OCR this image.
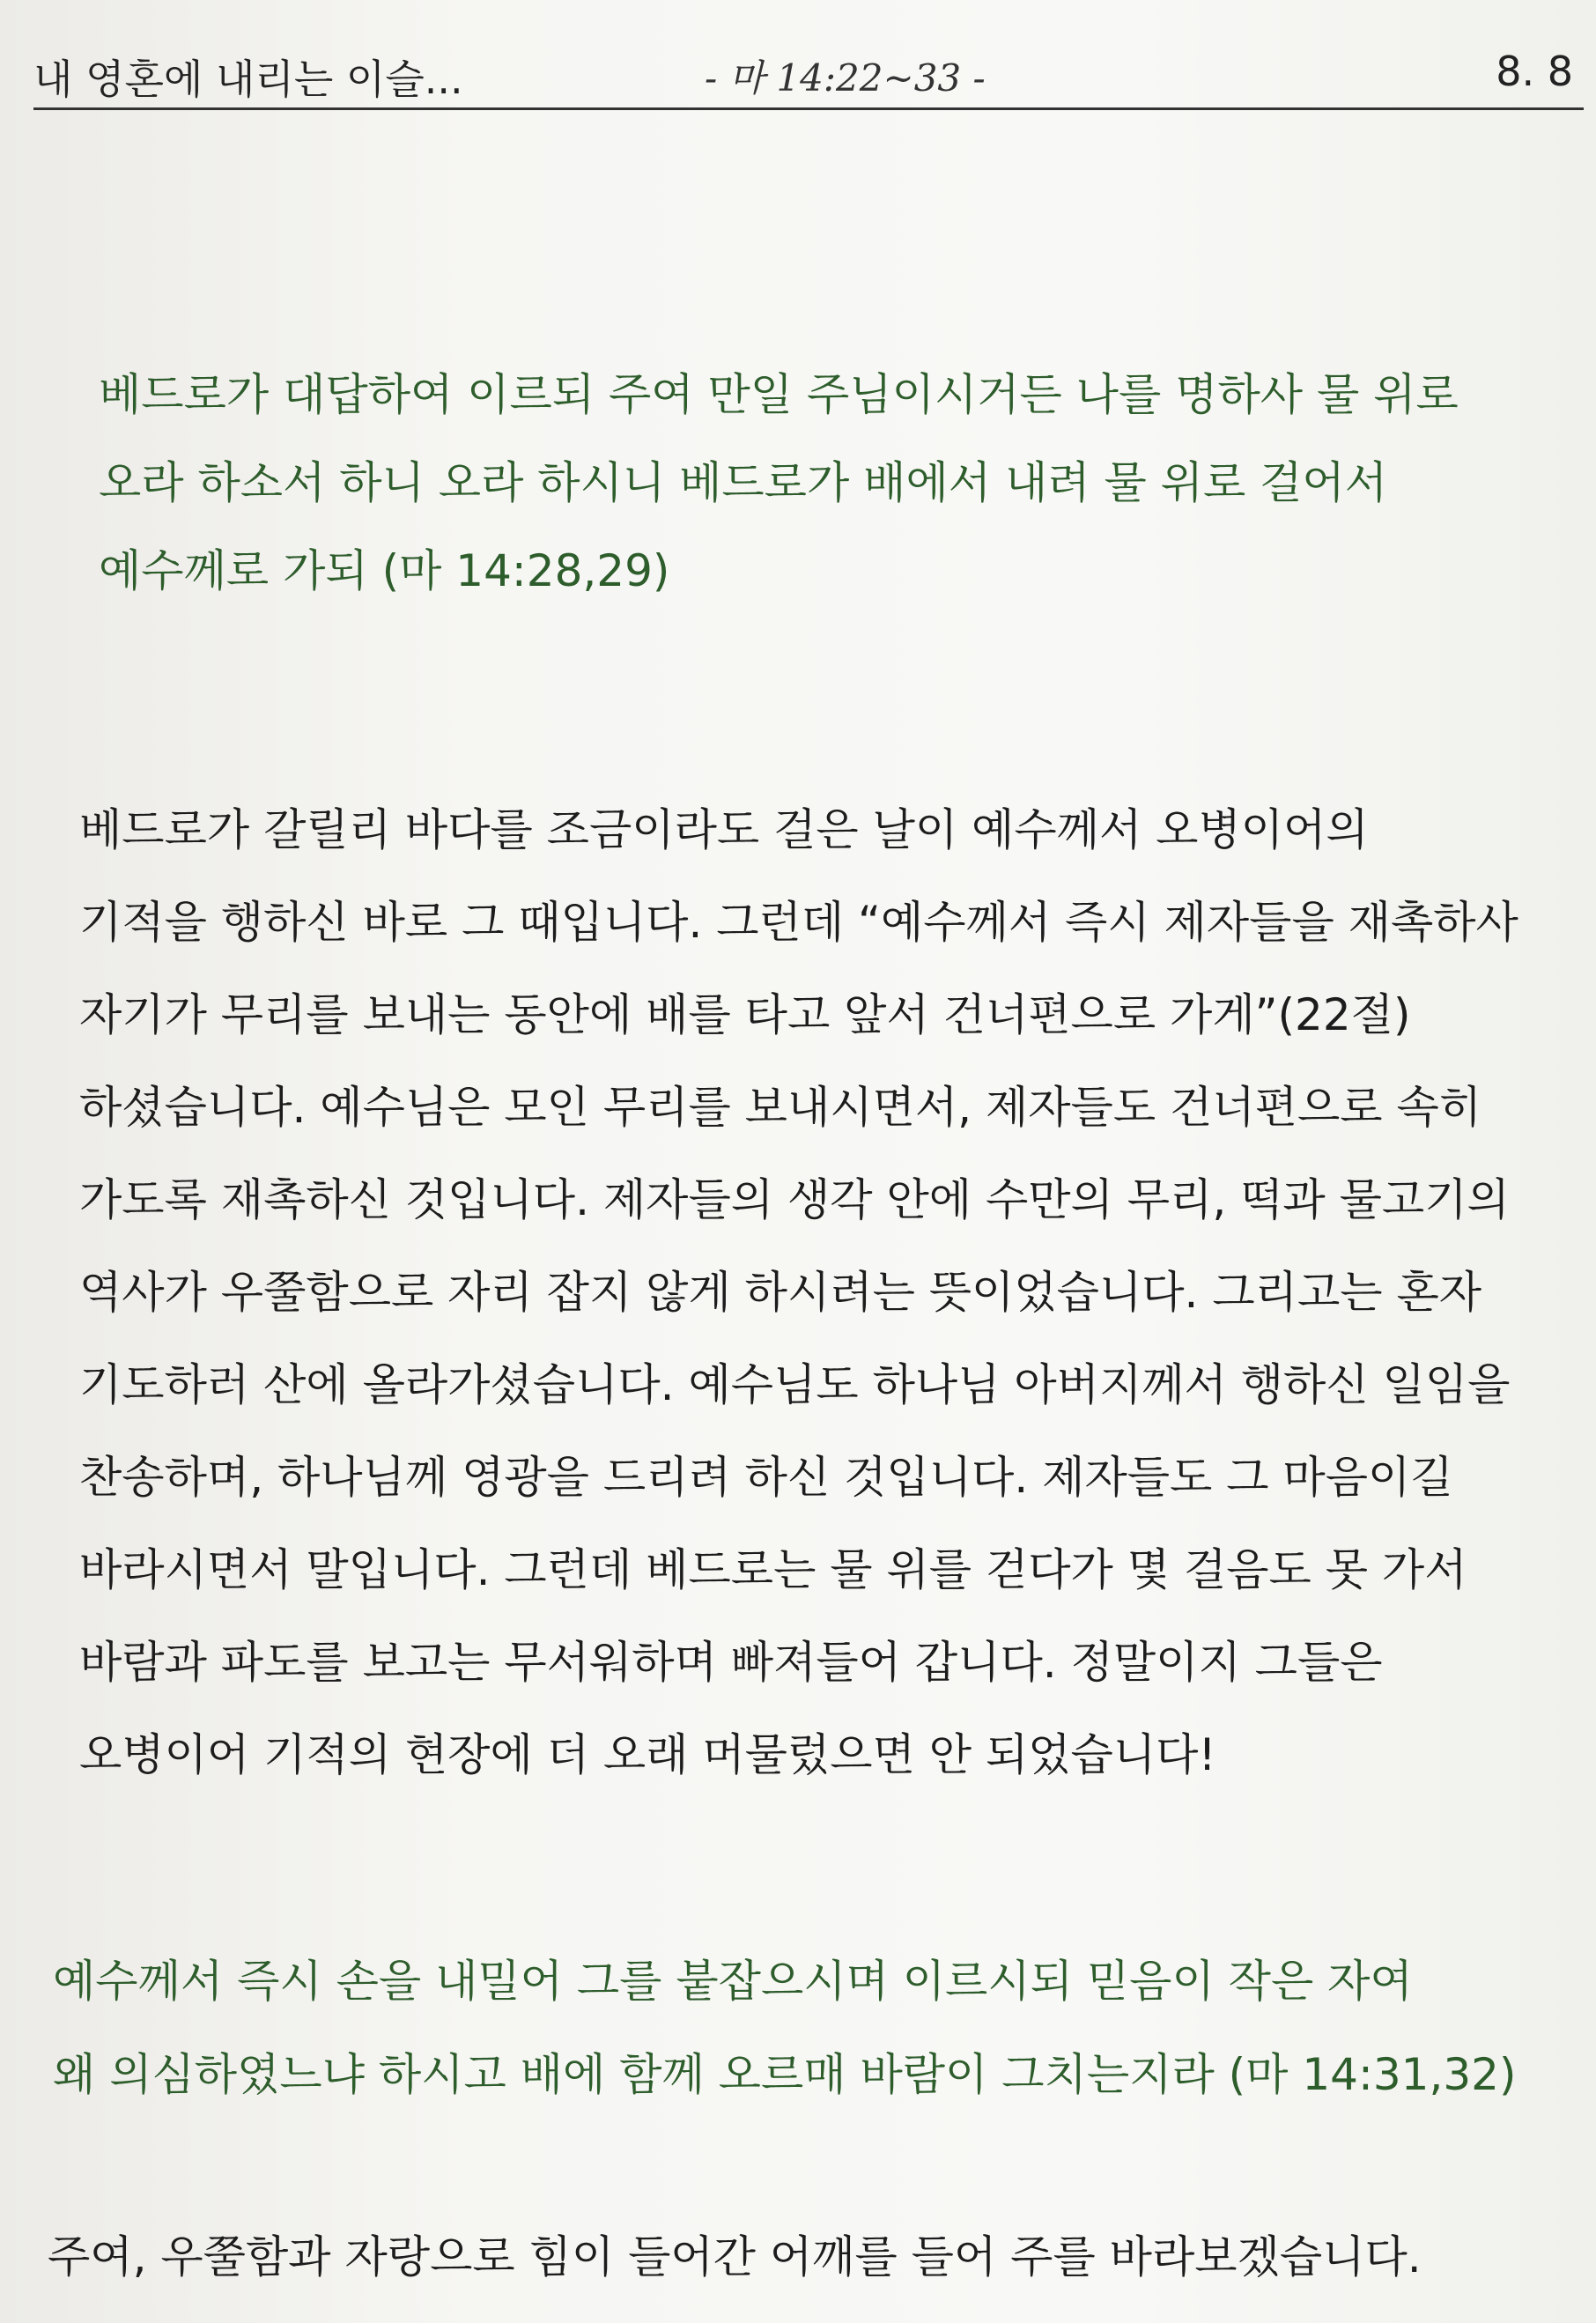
내 영혼에 내리는 이슬...	- 마 14:22~33 -	8. 8
베드로가 대답하여 이르되 주여 만일 주님이시거든 나를 명하사 물 위로
오라 하소서 하니 오라 하시니 베드로가 배에서 내려 물 위로 걸어서
예수께로 가되 (마 14:28,29)
베드로가 갈릴리 바다를 조금이라도 걸은 날이 예수께서 오병이어의
기적을 행하신 바로 그 때입니다. 그런데 “예수께서 즉시 제자들을 재촉하사
자기가 무리를 보내는 동안에 배를 타고 앞서 건너편으로 가게”(22절)
하셨습니다. 예수님은 모인 무리를 보내시면서, 제자들도 건너편으로 속히
가도록 재촉하신 것입니다. 제자들의 생각 안에 수만의 무리, 떡과 물고기의
역사가 우쭐함으로 자리 잡지 않게 하시려는 뜻이었습니다. 그리고는 혼자
기도하러 산에 올라가셨습니다. 예수님도 하나님 아버지께서 행하신 일임을
찬송하며, 하나님께 영광을 드리려 하신 것입니다. 제자들도 그 마음이길
바라시면서 말입니다. 그런데 베드로는 물 위를 걷다가 몇 걸음도 못 가서
바람과 파도를 보고는 무서워하며 빠져들어 갑니다. 정말이지 그들은
오병이어 기적의 현장에 더 오래 머물렀으면 안 되었습니다!
예수께서 즉시 손을 내밀어 그를 붙잡으시며 이르시되 믿음이 작은 자여
왜 의심하였느냐 하시고 배에 함께 오르매 바람이 그치는지라 (마 14:31,32)
주여, 우쭐함과 자랑으로 힘이 들어간 어깨를 들어 주를 바라보겠습니다.
